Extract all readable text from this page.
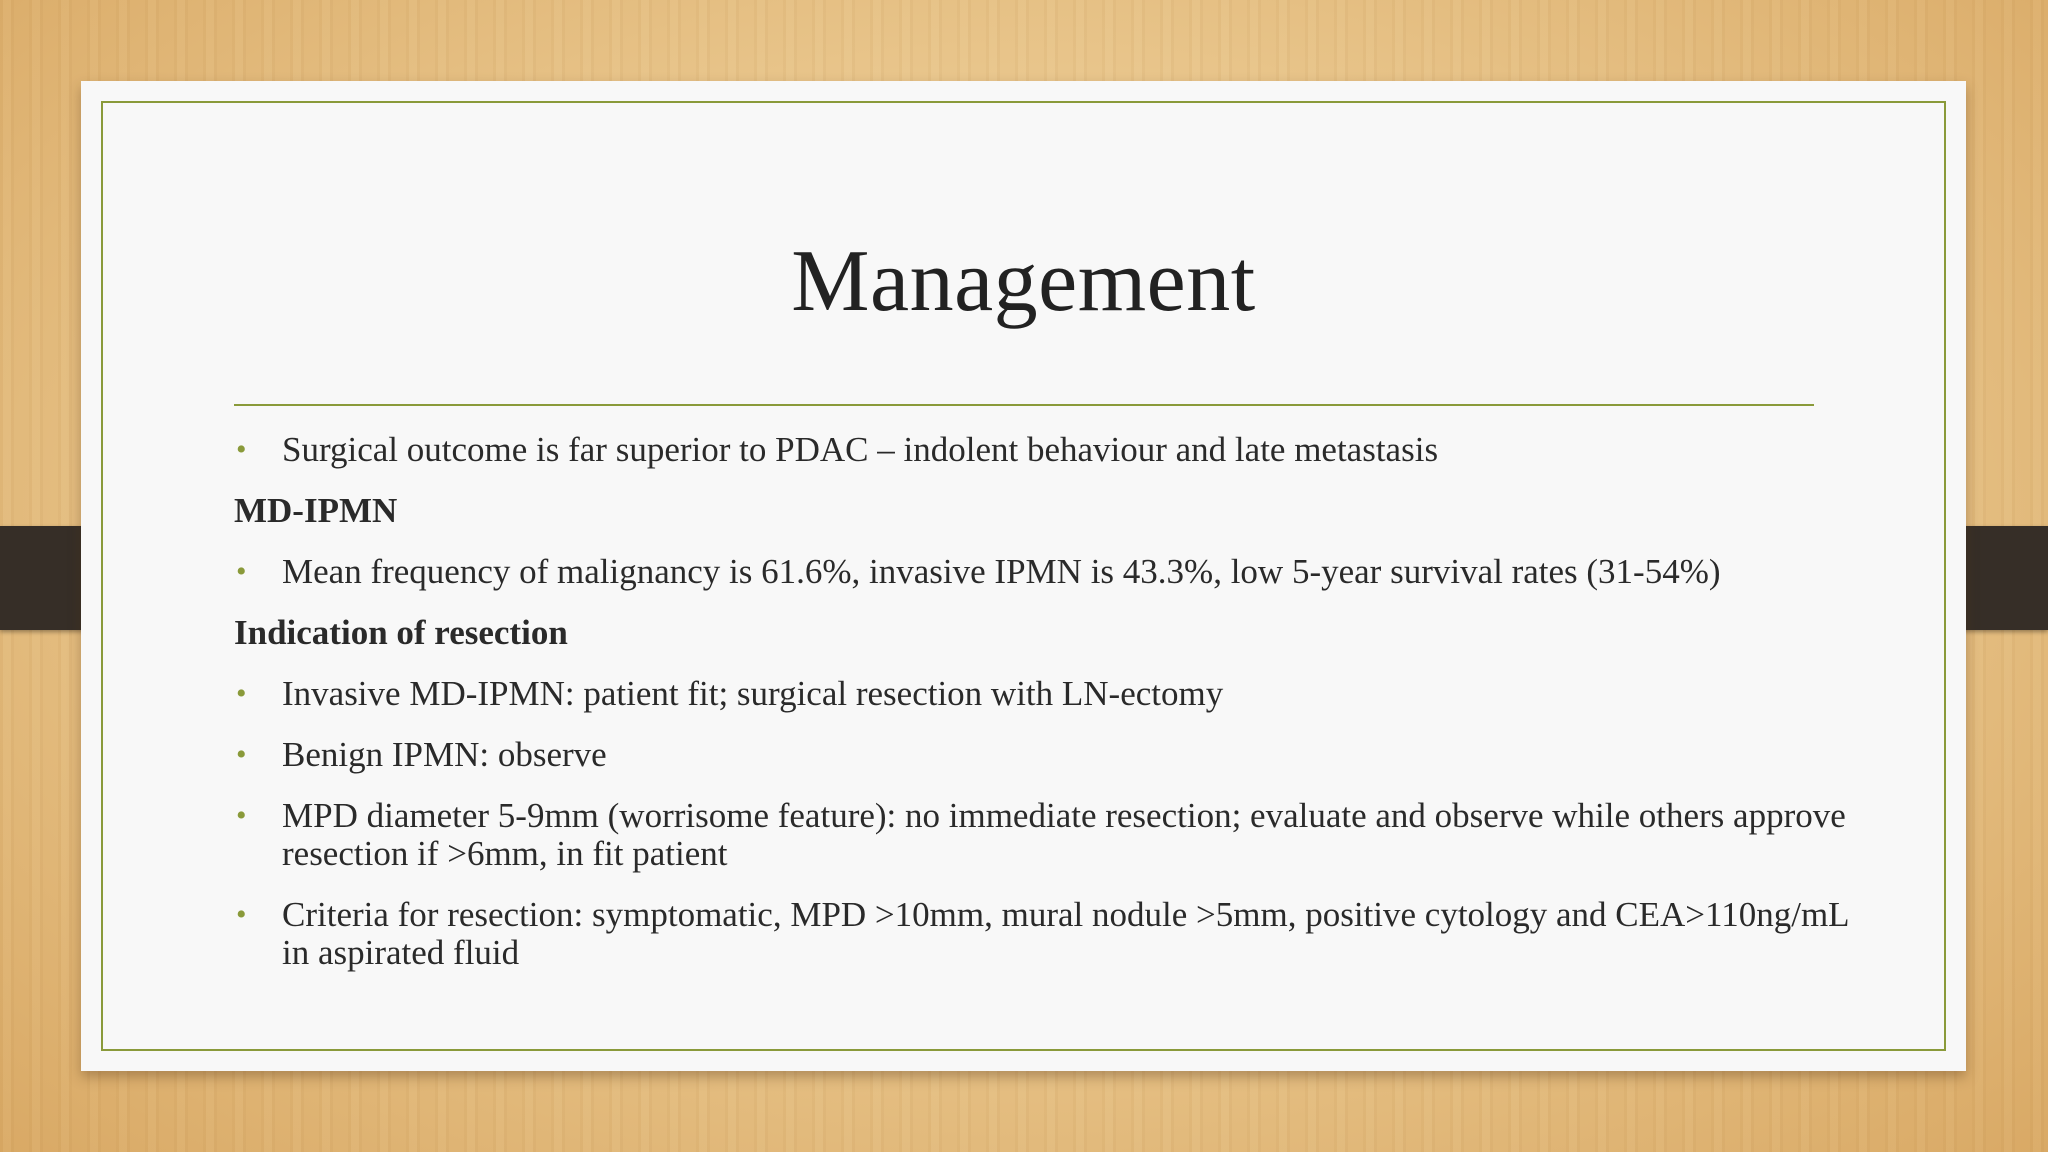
Management
• Surgical outcome is far superior to PDAC – indolent behaviour and late metastasis
MD-IPMN
• Mean frequency of malignancy is 61.6%, invasive IPMN is 43.3%, low 5-year survival rates (31-54%)
Indication of resection
• Invasive MD-IPMN: patient fit; surgical resection with LN-ectomy
• Benign IPMN: observe
• MPD diameter 5-9mm (worrisome feature): no immediate resection; evaluate and observe while others approve resection if >6mm, in fit patient
• Criteria for resection: symptomatic, MPD >10mm, mural nodule >5mm, positive cytology and CEA>110ng/mL in aspirated fluid
